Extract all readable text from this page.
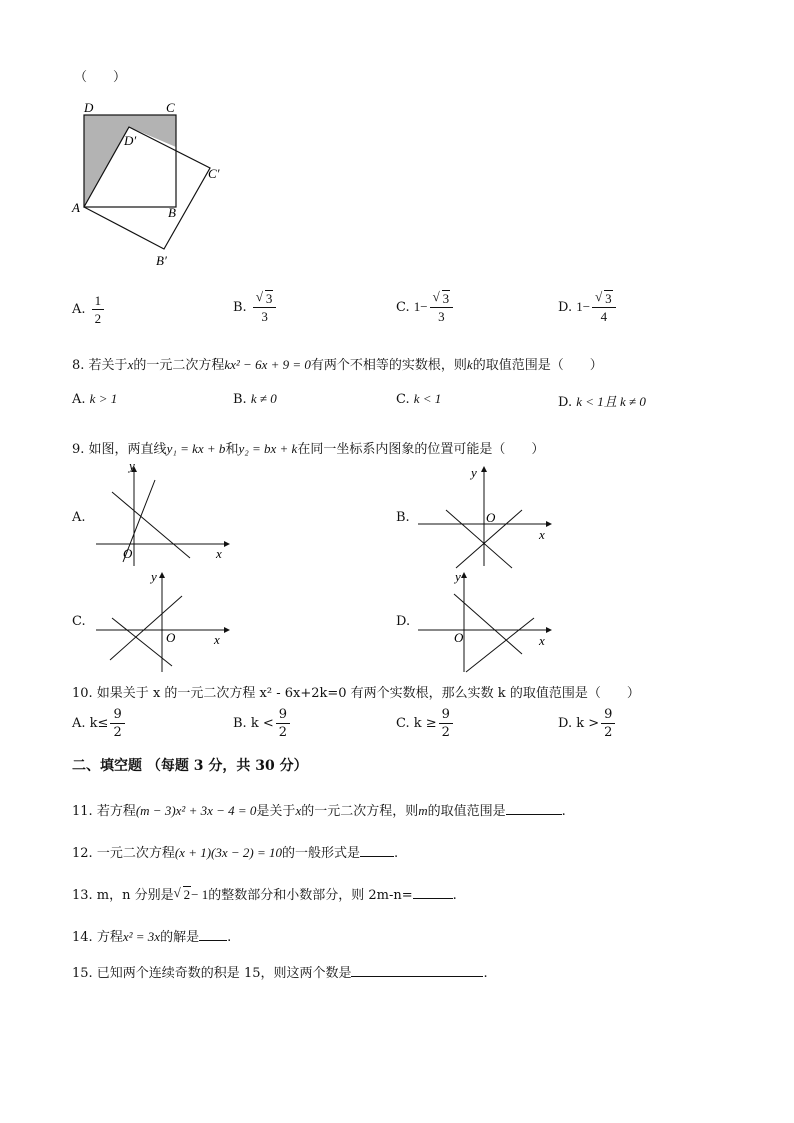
（　　）
D	C
D′
C′
A	B
B′
A. $\frac{1}{2}$	B. √ $\frac{3}{3}$	C. 1− √ $\frac{3}{3}$	D. 1− √ $\frac{3}{4}$
8. 若关于x的一元二次方程kx² − 6x + 9 = 0有两个不相等的实数根，则k的取值范围是（　　）
A. k > 1	B. k ≠ 0	C. k < 1	D. k < 1且 k ≠ 0
9. 如图，两直线y₁ = kx + b和y₂ = bx + k在同一坐标系内图象的位置可能是（　　）
A.
x
y
O
B.
x
y
O
C.
x
y
O
D.
x
y
O
10. 如果关于 x 的一元二次方程 x² - 6x+2k=0 有两个实数根，那么实数 k 的取值范围是（　　）
A. $k\le \frac{9}{2}$	B. $k < \frac{9}{2}$	C. $k \ge \frac{9}{2}$	D. $k > \frac{9}{2}$
二、填空题 （每题 3 分，共 30 分）
11. 若方程(m − 3)x² + 3x − 4 = 0是关于x的一元二次方程，则m的取值范围是	.
12. 一元二次方程(x + 1)(3x − 2) = 10的一般形式是	.
13. m，n 分别是 √ 2− 1的整数部分和小数部分，则 2m-n=	.
14. 方程x² = 3x的解是 .
15. 已知两个连续奇数的积是 15，则这两个数是	.
